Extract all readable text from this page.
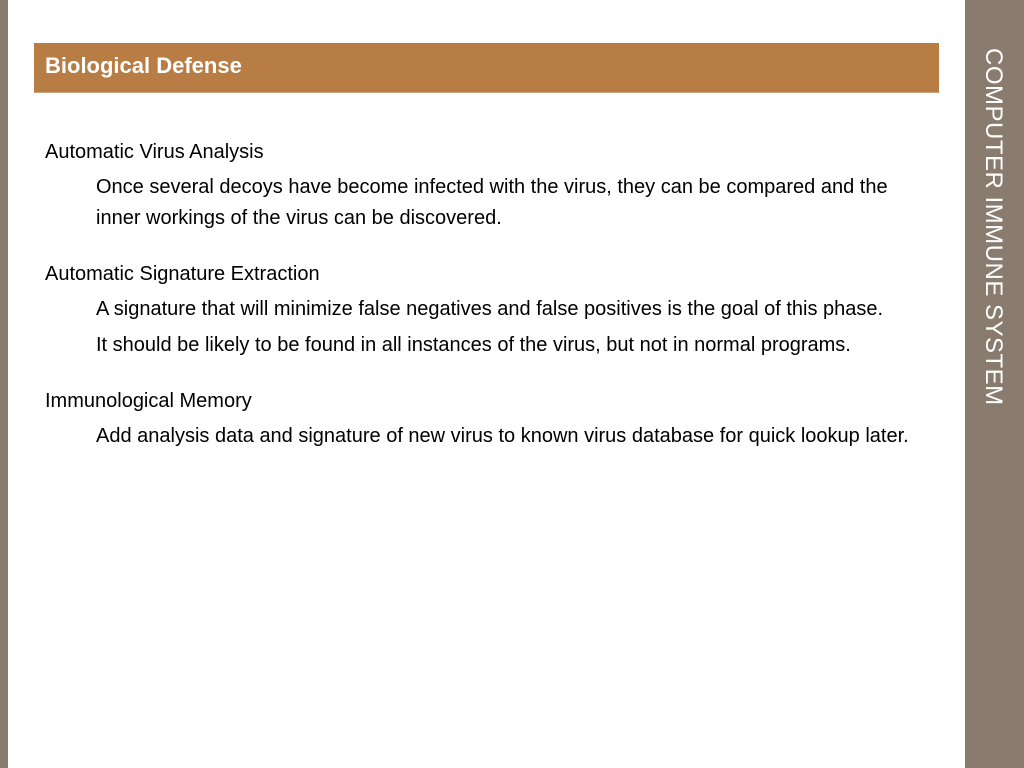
COMPUTER IMMUNE SYSTEM
Biological Defense
Automatic Virus Analysis
Once several decoys have become infected with the virus, they can be compared and the inner workings of the virus can be discovered.
Automatic Signature Extraction
A signature that will minimize false negatives and false positives is the goal of this phase.
It should be likely to be found in all instances of the virus, but not in normal programs.
Immunological Memory
Add analysis data and signature of new virus to known virus database for quick lookup later.
